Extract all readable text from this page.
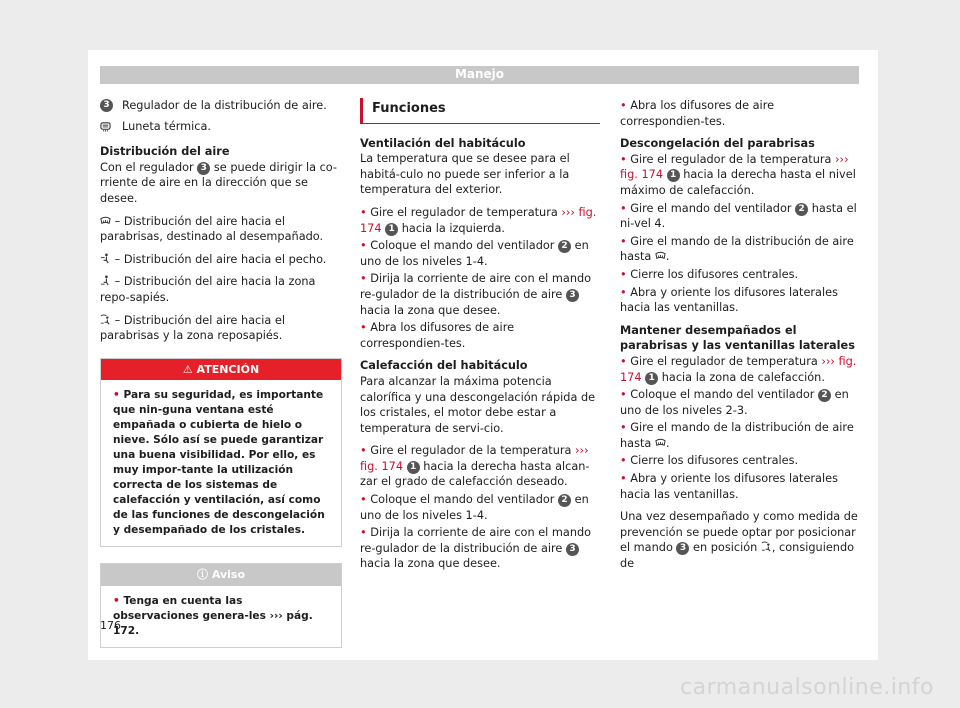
Manejo
3 Regulador de la distribución de aire.
Luneta térmica.

Distribución del aire

Con el regulador 3 se puede dirigir la co-rriente de aire en la dirección que se desee.

– Distribución del aire hacia el parabrisas, destinado al desempañado.

– Distribución del aire hacia el pecho.

– Distribución del aire hacia la zona repo-sapiés.

– Distribución del aire hacia el parabrisas y la zona reposapiés.

⚠ ATENCIÓN
• Para su seguridad, es importante que nin-guna ventana esté empañada o cubierta de hielo o nieve. Sólo así se puede garantizar una buena visibilidad. Por ello, es muy impor-tante la utilización correcta de los sistemas de calefacción y ventilación, así como de las funciones de descongelación y desempañado de los cristales.
ⓘ Aviso
• Tenga en cuenta las observaciones genera-les ››› pág. 172.
Funciones

Ventilación del habitáculo

La temperatura que se desee para el habitá-culo no puede ser inferior a la temperatura del exterior.

• Gire el regulador de temperatura ››› fig. 174 1 hacia la izquierda.

• Coloque el mando del ventilador 2 en uno de los niveles 1-4.

• Dirija la corriente de aire con el mando re-gulador de la distribución de aire 3 hacia la zona que desee.

• Abra los difusores de aire correspondien-tes.

Calefacción del habitáculo

Para alcanzar la máxima potencia calorífica y una descongelación rápida de los cristales, el motor debe estar a temperatura de servi-cio.

• Gire el regulador de la temperatura ››› fig. 174 1 hacia la derecha hasta alcan-zar el grado de calefacción deseado.

• Coloque el mando del ventilador 2 en uno de los niveles 1-4.

• Dirija la corriente de aire con el mando re-gulador de la distribución de aire 3 hacia la zona que desee.

• Abra los difusores de aire correspondien-tes.

Descongelación del parabrisas

• Gire el regulador de la temperatura ››› fig. 174 1 hacia la derecha hasta el nivel máximo de calefacción.

• Gire el mando del ventilador 2 hasta el ni-vel 4.

• Gire el mando de la distribución de aire hasta .

• Cierre los difusores centrales.

• Abra y oriente los difusores laterales hacia las ventanillas.

Mantener desempañados el parabrisas y las ventanillas laterales

• Gire el regulador de temperatura ››› fig. 174 1 hacia la zona de calefacción.

• Coloque el mando del ventilador 2 en uno de los niveles 2-3.

• Gire el mando de la distribución de aire hasta .

• Cierre los difusores centrales.

• Abra y oriente los difusores laterales hacia las ventanillas.

Una vez desempañado y como medida de prevención se puede optar por posicionar el mando 3 en posición , consiguiendo de

176
carmanualsonline.info
